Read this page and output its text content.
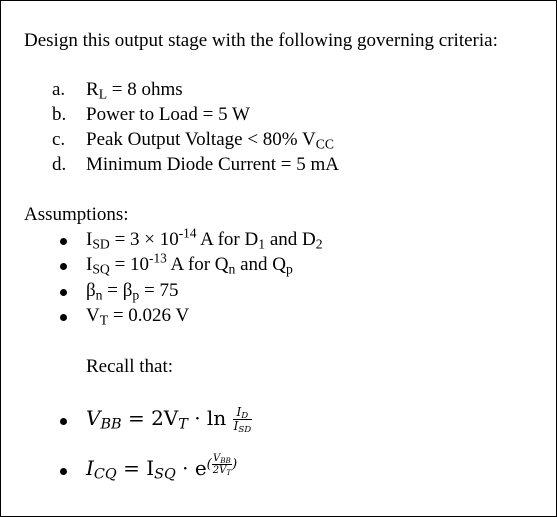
Design this output stage with the following governing criteria:
a. $R_L = 8$ ohms
b. Power to Load = 5 W
c. Peak Output Voltage < 80% $V_{CC}$
d. Minimum Diode Current = 5 mA
Assumptions:
$I_{SD} = 3 \times 10^{-14}$ A for $D_1$ and $D_2$
$I_{SQ} = 10^{-13}$ A for $Q_n$ and $Q_p$
$\beta_n = \beta_p = 75$
$V_T = 0.026$ V
Recall that:
$V_{BB} = 2V_T \cdot \ln \frac{I_D}{I_{SD}}$
$I_{CQ} = I_{SQ} \cdot e( \frac{V_{BB}}{2V_T}$ )
